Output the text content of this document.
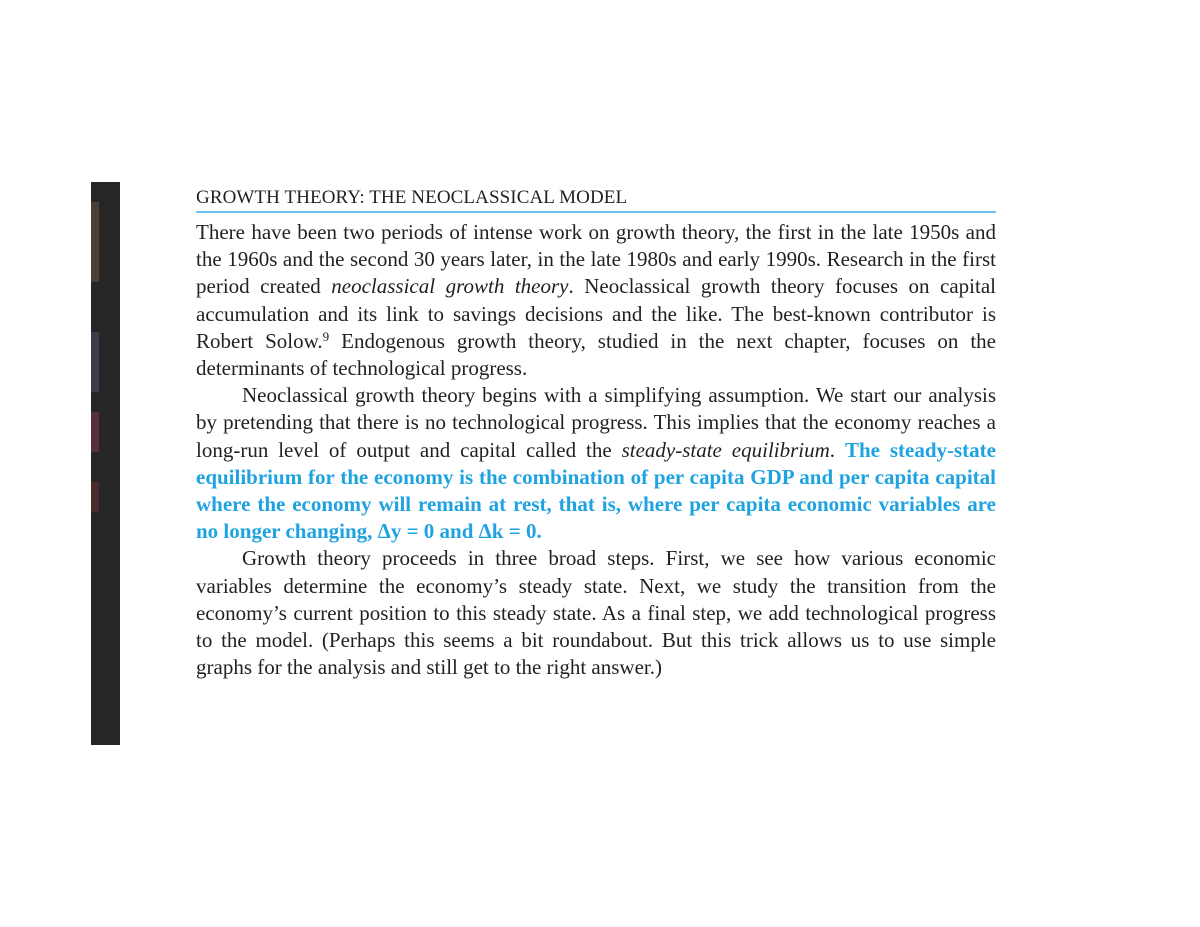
GROWTH THEORY: THE NEOCLASSICAL MODEL

There have been two periods of intense work on growth theory, the first in the late 1950s and the 1960s and the second 30 years later, in the late 1980s and early 1990s. Research in the first period created neoclassical growth theory. Neoclassical growth theory focuses on capital accumulation and its link to savings decisions and the like. The best-known contributor is Robert Solow.$^9$ Endogenous growth theory, studied in the next chapter, focuses on the determinants of technological progress.

Neoclassical growth theory begins with a simplifying assumption. We start our analysis by pretending that there is no technological progress. This implies that the economy reaches a long-run level of output and capital called the steady-state equilibrium. The steady-state equilibrium for the economy is the combination of per capita GDP and per capita capital where the economy will remain at rest, that is, where per capita economic variables are no longer changing, Δy = 0 and Δk = 0.

Growth theory proceeds in three broad steps. First, we see how various economic variables determine the economy’s steady state. Next, we study the transition from the economy’s current position to this steady state. As a final step, we add technological progress to the model. (Perhaps this seems a bit roundabout. But this trick allows us to use simple graphs for the analysis and still get to the right answer.)
